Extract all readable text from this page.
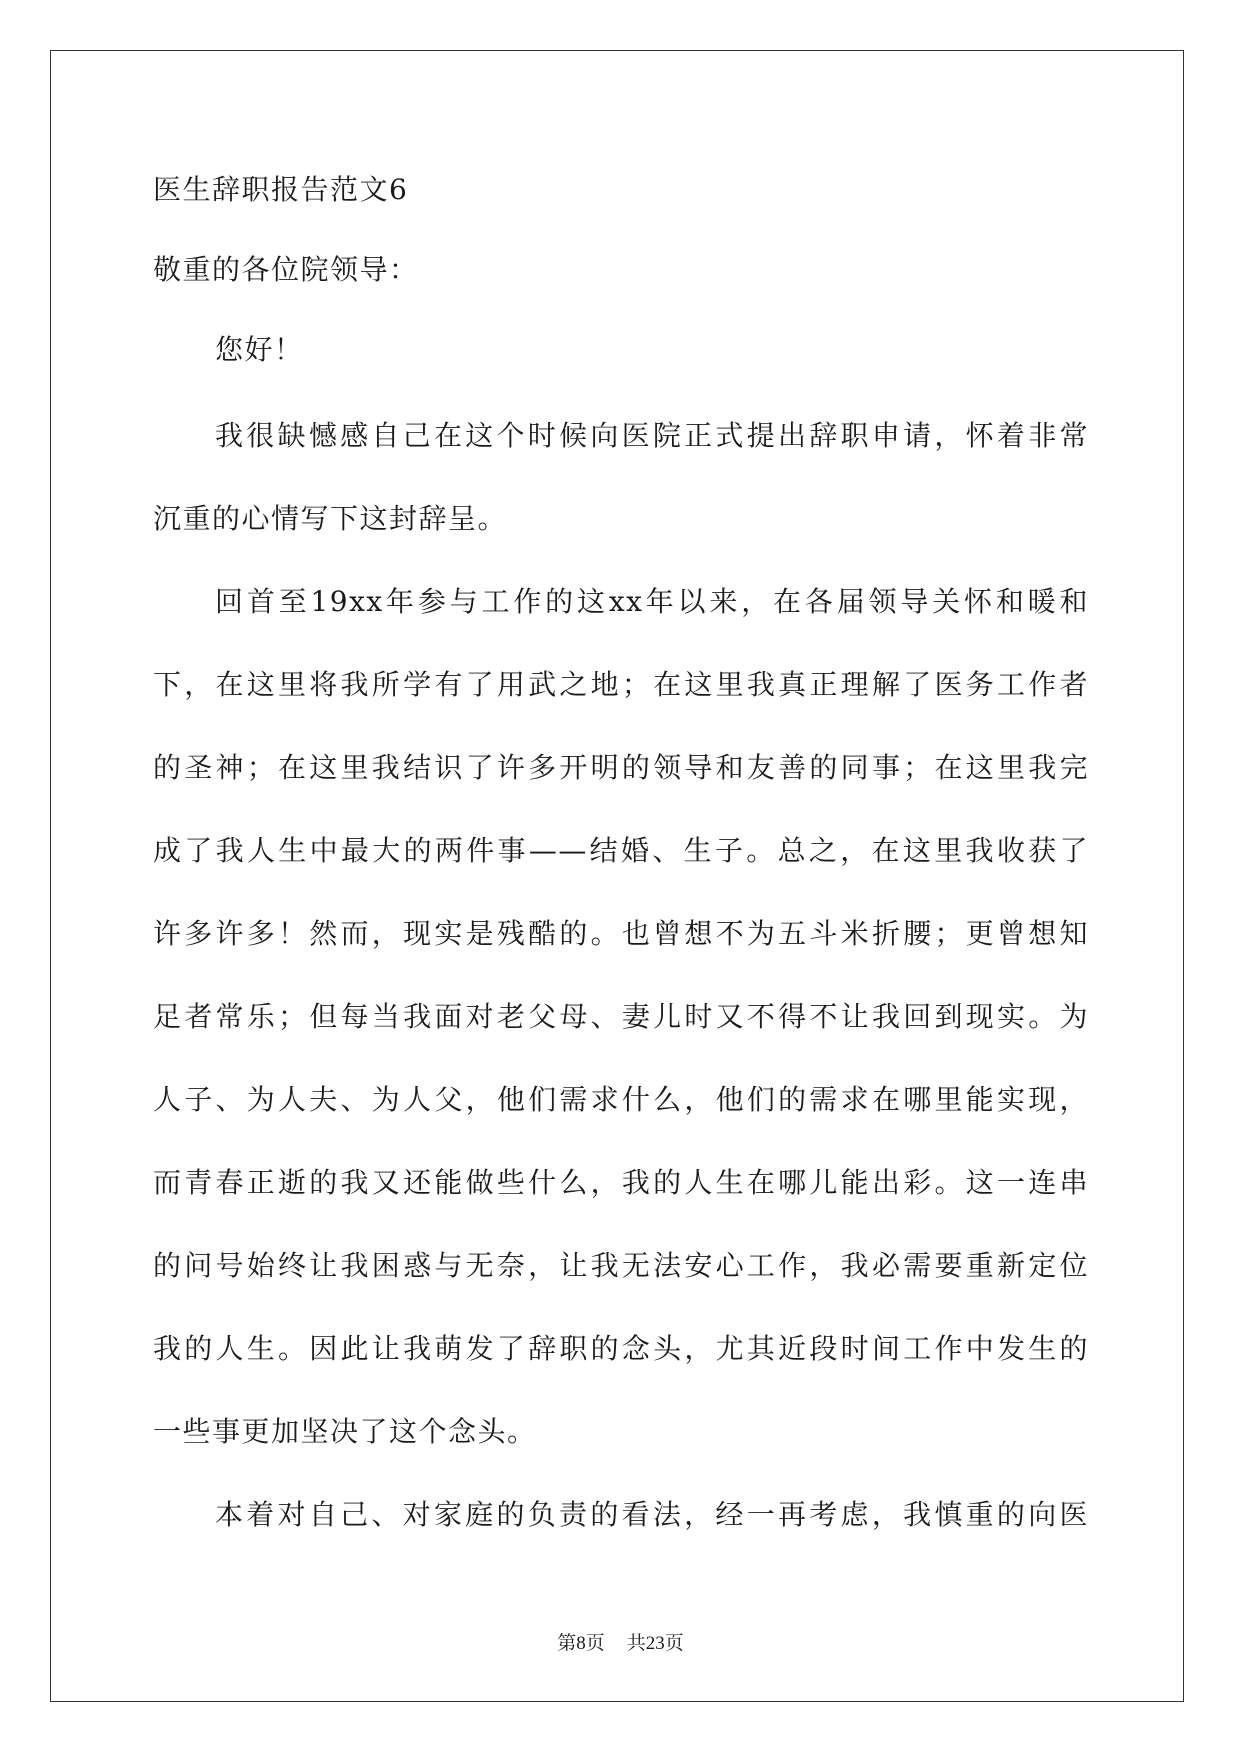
医生辞职报告范文6
敬重的各位院领导：
您好！
我很缺憾感自己在这个时候向医院正式提出辞职申请，怀着非常
沉重的心情写下这封辞呈。
回首至19xx年参与工作的这xx年以来，在各届领导关怀和暖和
下，在这里将我所学有了用武之地；在这里我真正理解了医务工作者
的圣神；在这里我结识了许多开明的领导和友善的同事；在这里我完
成了我人生中最大的两件事——结婚、生子。总之，在这里我收获了
许多许多！然而，现实是残酷的。也曾想不为五斗米折腰；更曾想知
足者常乐；但每当我面对老父母、妻儿时又不得不让我回到现实。为
人子、为人夫、为人父，他们需求什么，他们的需求在哪里能实现，
而青春正逝的我又还能做些什么，我的人生在哪儿能出彩。这一连串
的问号始终让我困惑与无奈，让我无法安心工作，我必需要重新定位
我的人生。因此让我萌发了辞职的念头，尤其近段时间工作中发生的
一些事更加坚决了这个念头。
本着对自己、对家庭的负责的看法，经一再考虑，我慎重的向医
第8页 共23页
